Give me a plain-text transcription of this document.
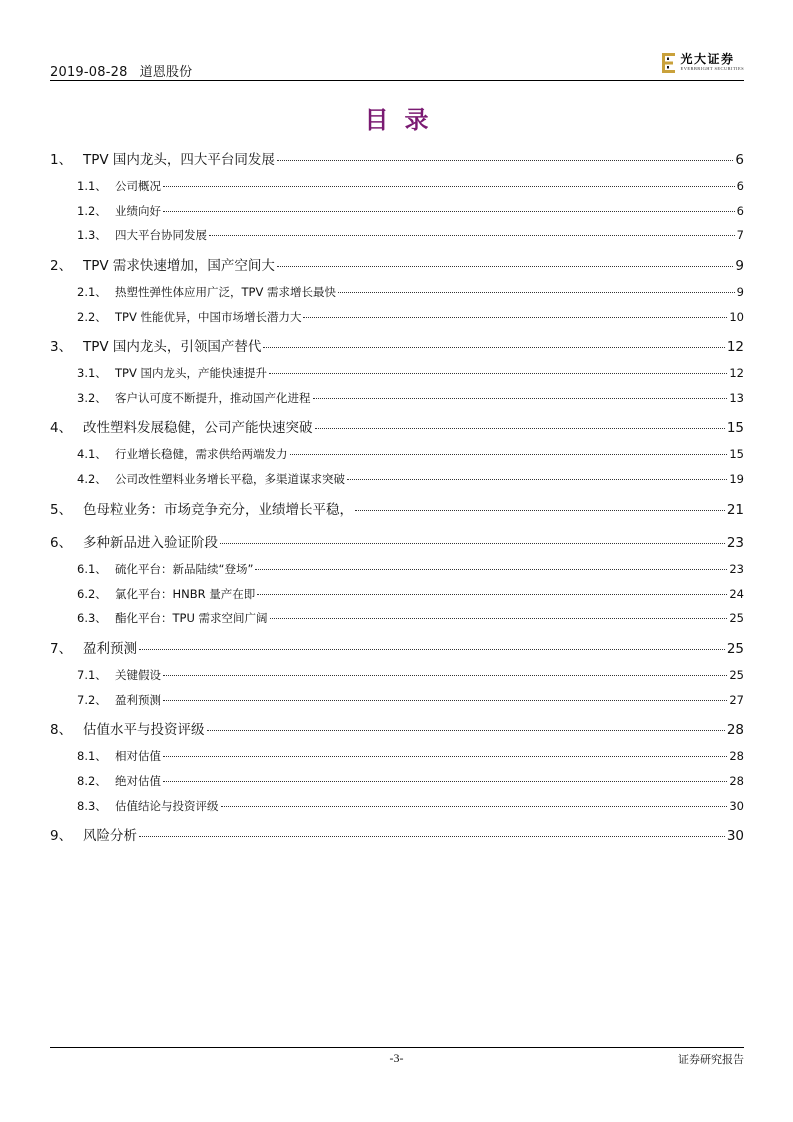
2019-08-28 道恩股份
光大证券
EVERBRIGHT SECURITIES
目录
1、 TPV 国内龙头，四大平台同发展	6
1.1、 公司概况	6
1.2、 业绩向好	6
1.3、 四大平台协同发展	7
2、 TPV 需求快速增加，国产空间大	9
2.1、 热塑性弹性体应用广泛，TPV 需求增长最快	9
2.2、 TPV 性能优异，中国市场增长潜力大	10
3、 TPV 国内龙头，引领国产替代	12
3.1、 TPV 国内龙头，产能快速提升	12
3.2、 客户认可度不断提升，推动国产化进程	13
4、 改性塑料发展稳健，公司产能快速突破	15
4.1、 行业增长稳健，需求供给两端发力	15
4.2、 公司改性塑料业务增长平稳，多渠道谋求突破	19
5、 色母粒业务：市场竞争充分，业绩增长平稳，	21
6、 多种新品进入验证阶段	23
6.1、 硫化平台：新品陆续“登场”	23
6.2、 氯化平台：HNBR 量产在即	24
6.3、 酯化平台：TPU 需求空间广阔	25
7、 盈利预测	25
7.1、 关键假设	25
7.2、 盈利预测	27
8、 估值水平与投资评级	28
8.1、 相对估值	28
8.2、 绝对估值	28
8.3、 估值结论与投资评级	30
9、 风险分析	30
-3-	证券研究报告
